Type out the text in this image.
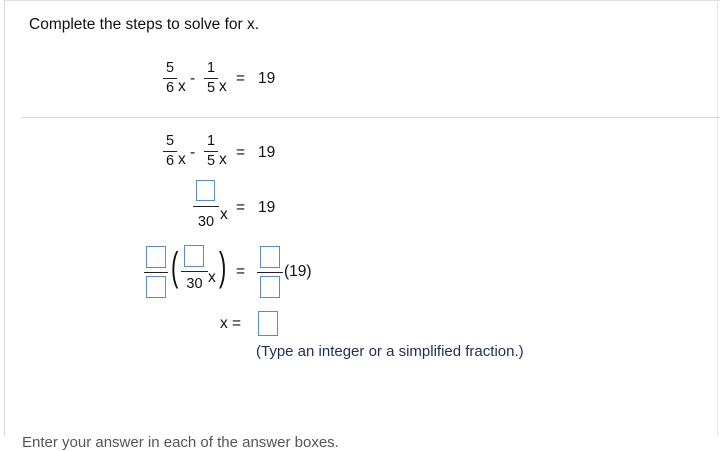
Complete the steps to solve for x.
5
6 x -
1
5 x = 19
5
6 x -
1
5 x = 19
30 x = 19
( 30 x ) =	(19)
x =
(Type an integer or a simplified fraction.)
Enter your answer in each of the answer boxes.
